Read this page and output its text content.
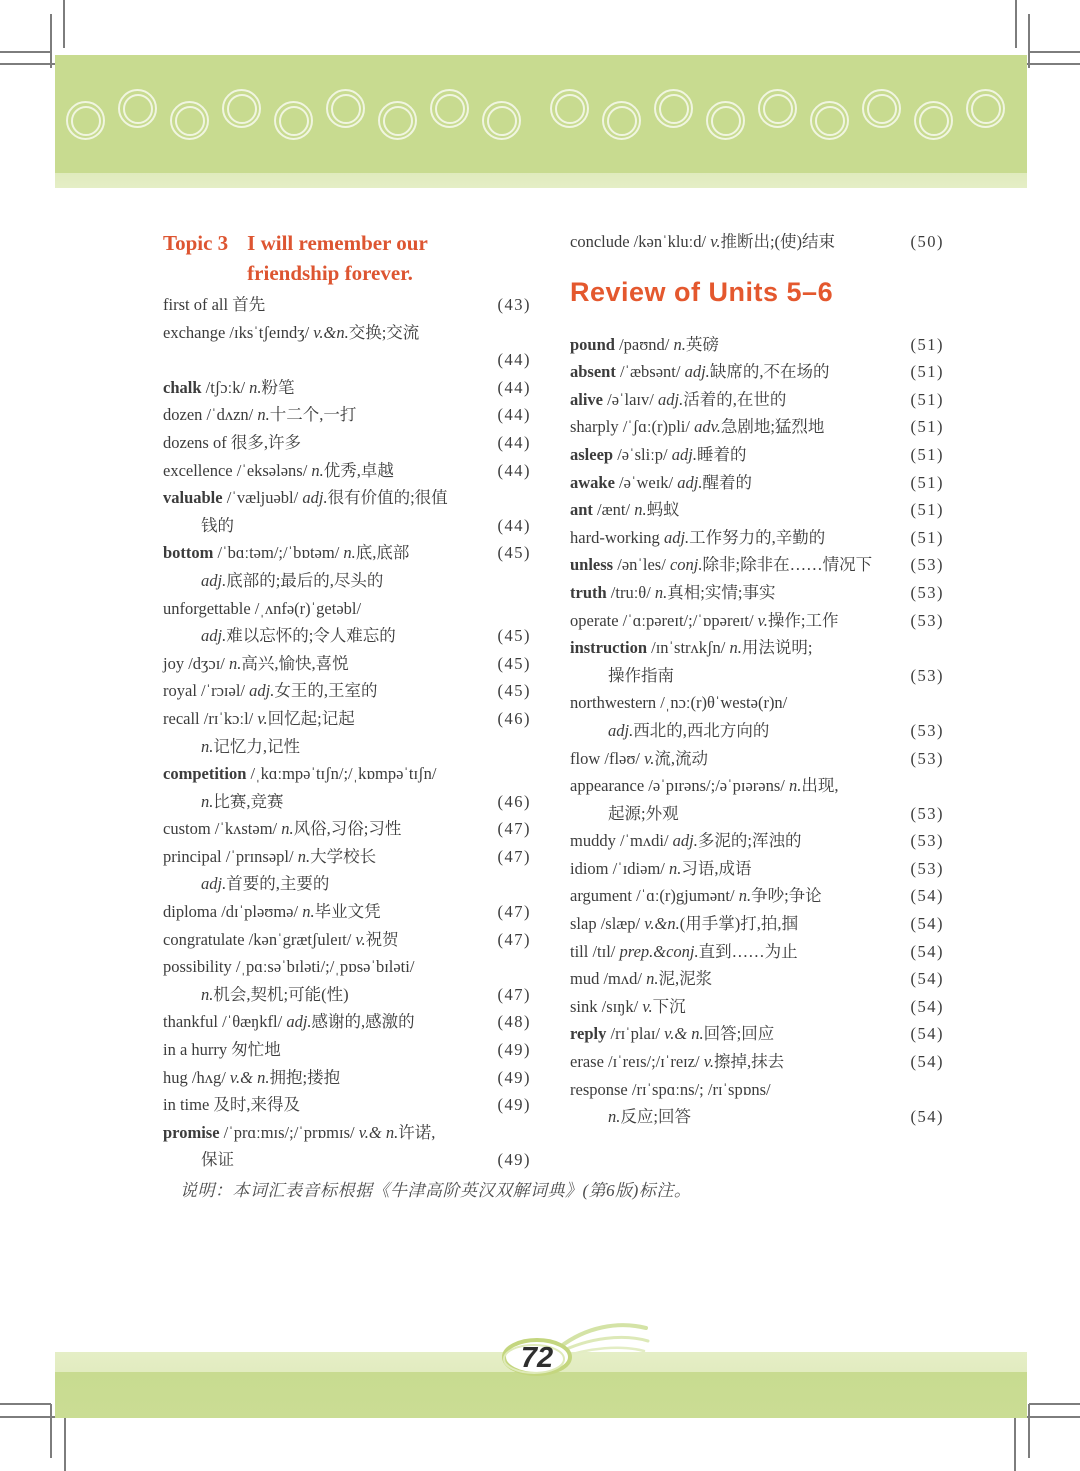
Topic 3 I will remember our
friendship forever.
first of all 首先	(43)
exchange /ɪksˈtʃeɪndʒ/ v.&n.交换;交流
(44)
chalk /tʃɔːk/ n.粉笔	(44)
dozen /ˈdʌzn/ n.十二个,一打	(44)
dozens of 很多,许多	(44)
excellence /ˈeksələns/ n.优秀,卓越	(44)
valuable /ˈvæljuəbl/ adj.很有价值的;很值
钱的	(44)
bottom /ˈbɑːtəm/;/ˈbɒtəm/ n.底,底部	(45)
adj.底部的;最后的,尽头的
unforgettable /ˌʌnfə(r)ˈgetəbl/
adj.难以忘怀的;令人难忘的	(45)
joy /dʒɔɪ/ n.高兴,愉快,喜悦	(45)
royal /ˈrɔɪəl/ adj.女王的,王室的	(45)
recall /rɪˈkɔːl/ v.回忆起;记起	(46)
n.记忆力,记性
competition /ˌkɑːmpəˈtɪʃn/;/ˌkɒmpəˈtɪʃn/
n.比赛,竞赛	(46)
custom /ˈkʌstəm/ n.风俗,习俗;习性	(47)
principal /ˈprɪnsəpl/ n.大学校长	(47)
adj.首要的,主要的
diploma /dɪˈpləʊmə/ n.毕业文凭	(47)
congratulate /kənˈgrætʃuleɪt/ v.祝贺	(47)
possibility /ˌpɑːsəˈbɪləti/;/ˌpɒsəˈbɪləti/
n.机会,契机;可能(性)	(47)
thankful /ˈθæŋkfl/ adj.感谢的,感激的	(48)
in a hurry 匆忙地	(49)
hug /hʌg/ v.& n.拥抱;搂抱	(49)
in time 及时,来得及	(49)
promise /ˈprɑːmɪs/;/ˈprɒmɪs/ v.& n.许诺,
保证	(49)
conclude /kənˈkluːd/ v.推断出;(使)结束	(50)
Review of Units 5–6
pound /paʊnd/ n.英磅	(51)
absent /ˈæbsənt/ adj.缺席的,不在场的	(51)
alive /əˈlaɪv/ adj.活着的,在世的	(51)
sharply /ˈʃɑː(r)pli/ adv.急剧地;猛烈地	(51)
asleep /əˈsliːp/ adj.睡着的	(51)
awake /əˈweɪk/ adj.醒着的	(51)
ant /ænt/ n.蚂蚁	(51)
hard-working adj.工作努力的,辛勤的	(51)
unless /ənˈles/ conj.除非;除非在……情况下 (53)
truth /truːθ/ n.真相;实情;事实	(53)
operate /ˈɑːpəreɪt/;/ˈɒpəreɪt/ v.操作;工作	(53)
instruction /ɪnˈstrʌkʃn/ n.用法说明;
操作指南	(53)
northwestern /ˌnɔː(r)θˈwestə(r)n/
adj.西北的,西北方向的	(53)
flow /fləʊ/ v.流,流动	(53)
appearance /əˈpɪrəns/;/əˈpɪərəns/ n.出现,
起源;外观	(53)
muddy /ˈmʌdi/ adj.多泥的;浑浊的	(53)
idiom /ˈɪdiəm/ n.习语,成语	(53)
argument /ˈɑː(r)gjumənt/ n.争吵;争论	(54)
slap /slæp/ v.&n.(用手掌)打,拍,掴	(54)
till /tɪl/ prep.&conj.直到……为止	(54)
mud /mʌd/ n.泥,泥浆	(54)
sink /sɪŋk/ v.下沉	(54)
reply /rɪˈplaɪ/ v.& n.回答;回应	(54)
erase /ɪˈreɪs/;/ɪˈreɪz/ v.擦掉,抹去	(54)
response /rɪˈspɑːns/; /rɪˈspɒns/
n.反应;回答	(54)
说明：本词汇表音标根据《牛津高阶英汉双解词典》(第6版)标注。
72
